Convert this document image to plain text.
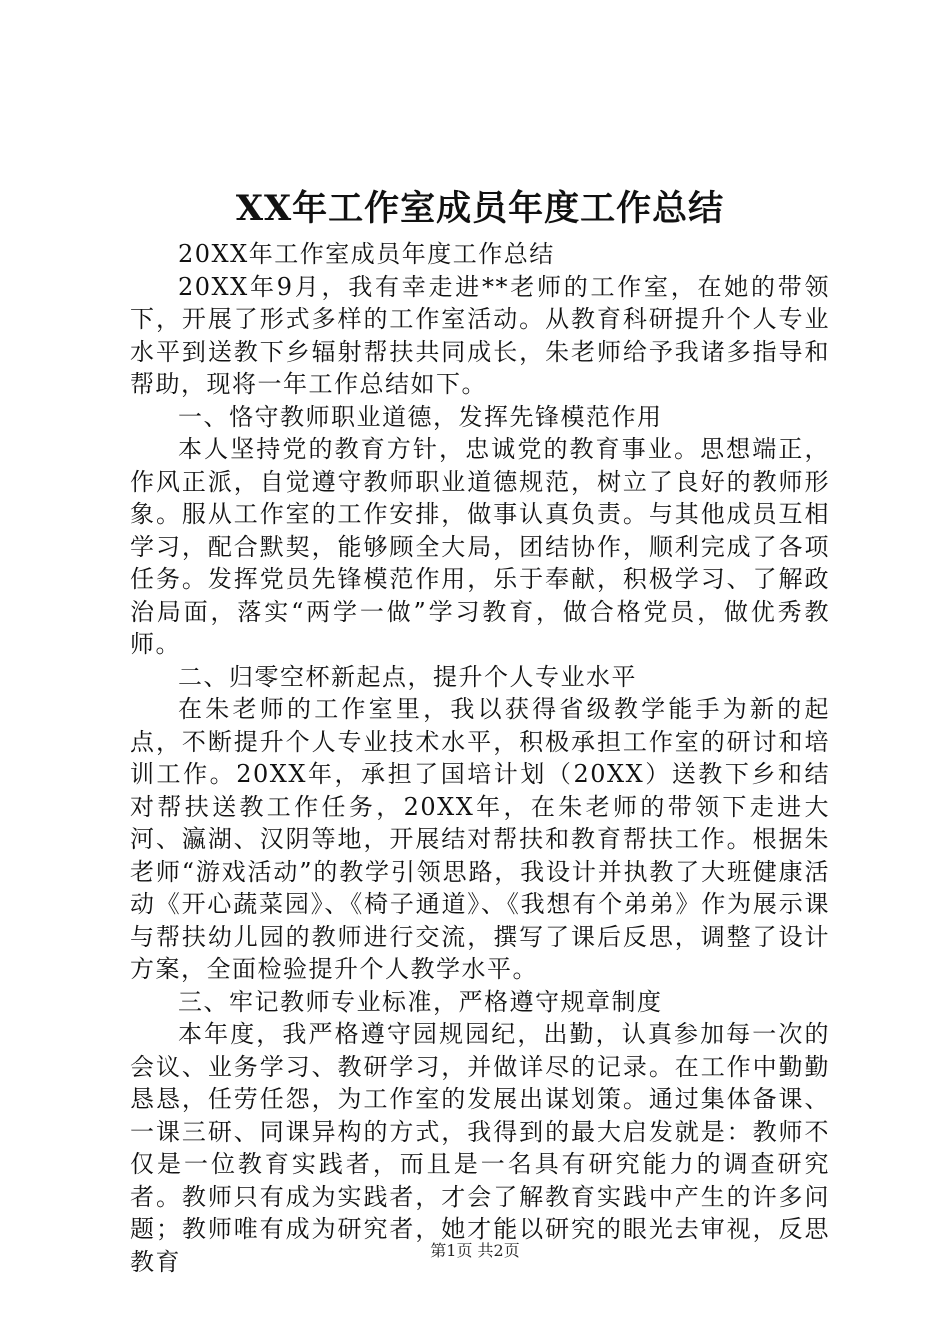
XX年工作室成员年度工作总结

20XX年工作室成员年度工作总结

20XX年9月，我有幸走进**老师的工作室，在她的带领下，开展了形式多样的工作室活动。从教育科研提升个人专业水平到送教下乡辐射帮扶共同成长，朱老师给予我诸多指导和帮助，现将一年工作总结如下。

一、恪守教师职业道德，发挥先锋模范作用

本人坚持党的教育方针，忠诚党的教育事业。思想端正，作风正派，自觉遵守教师职业道德规范，树立了良好的教师形象。服从工作室的工作安排，做事认真负责。与其他成员互相学习，配合默契，能够顾全大局，团结协作，顺利完成了各项任务。发挥党员先锋模范作用，乐于奉献，积极学习、了解政治局面，落实“两学一做”学习教育，做合格党员，做优秀教师。

二、归零空杯新起点，提升个人专业水平

在朱老师的工作室里，我以获得省级教学能手为新的起点，不断提升个人专业技术水平，积极承担工作室的研讨和培训工作。20XX年，承担了国培计划（20XX）送教下乡和结对帮扶送教工作任务，20XX年，在朱老师的带领下走进大河、瀛湖、汉阴等地，开展结对帮扶和教育帮扶工作。根据朱老师“游戏活动”的教学引领思路，我设计并执教了大班健康活动《开心蔬菜园》、《椅子通道》、《我想有个弟弟》作为展示课与帮扶幼儿园的教师进行交流，撰写了课后反思，调整了设计方案，全面检验提升个人教学水平。

三、牢记教师专业标准，严格遵守规章制度

本年度，我严格遵守园规园纪，出勤，认真参加每一次的会议、业务学习、教研学习，并做详尽的记录。在工作中勤勤恳恳，任劳任怨，为工作室的发展出谋划策。通过集体备课、一课三研、同课异构的方式，我得到的最大启发就是：教师不仅是一位教育实践者，而且是一名具有研究能力的调查研究者。教师只有成为实践者，才会了解教育实践中产生的许多问题；教师唯有成为研究者，她才能以研究的眼光去审视，反思教育	第1页 共2页
